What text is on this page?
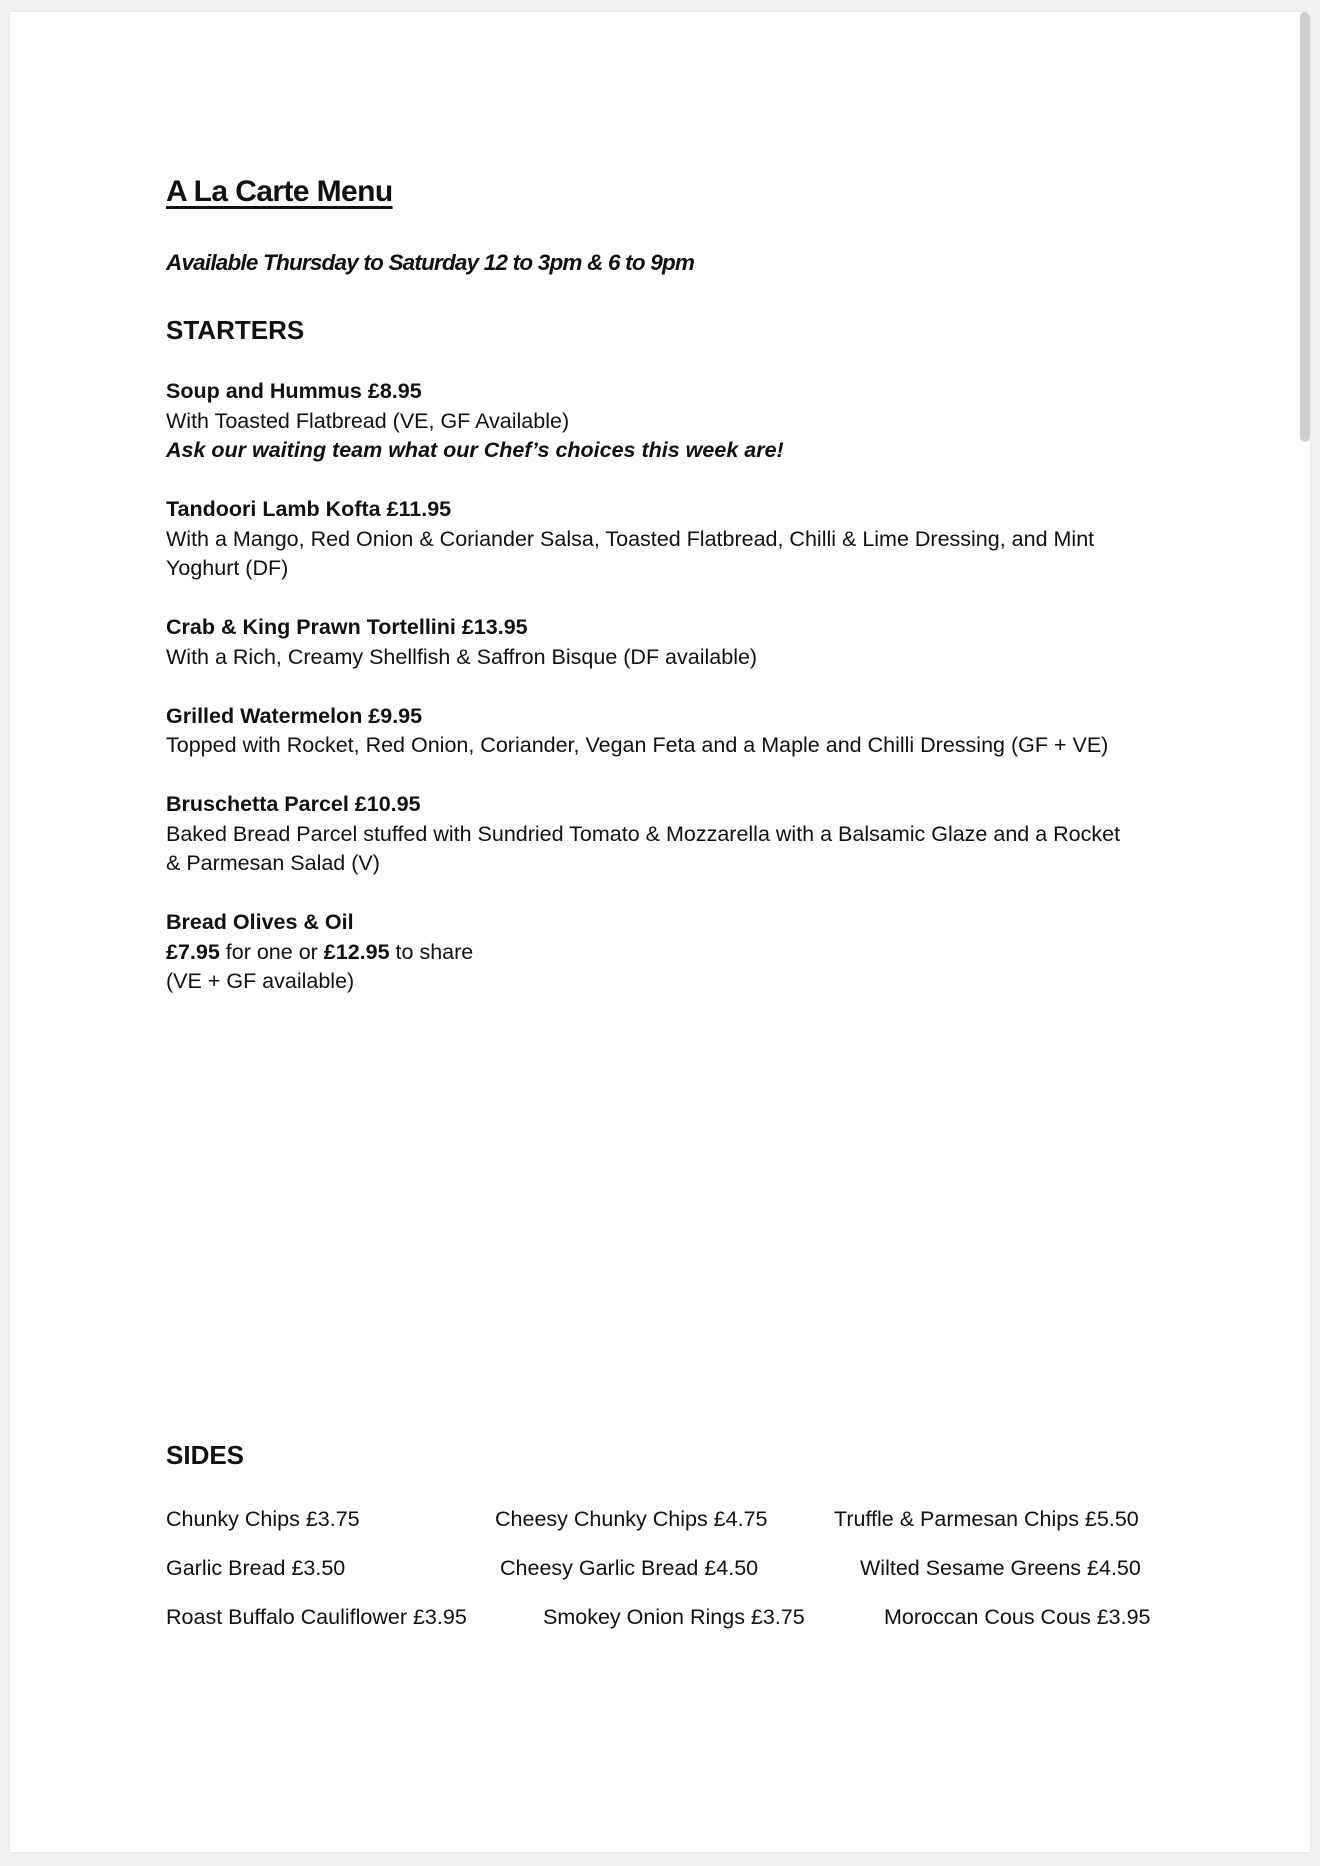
A La Carte Menu
Available Thursday to Saturday 12 to 3pm & 6 to 9pm
STARTERS
Soup and Hummus £8.95
With Toasted Flatbread (VE, GF Available)
Ask our waiting team what our Chef’s choices this week are!
Tandoori Lamb Kofta £11.95
With a Mango, Red Onion & Coriander Salsa, Toasted Flatbread, Chilli & Lime Dressing, and Mint
Yoghurt (DF)
Crab & King Prawn Tortellini £13.95
With a Rich, Creamy Shellfish & Saffron Bisque (DF available)
Grilled Watermelon £9.95
Topped with Rocket, Red Onion, Coriander, Vegan Feta and a Maple and Chilli Dressing (GF + VE)
Bruschetta Parcel £10.95
Baked Bread Parcel stuffed with Sundried Tomato & Mozzarella with a Balsamic Glaze and a Rocket
& Parmesan Salad (V)
Bread Olives & Oil
£7.95 for one or £12.95 to share
(VE + GF available)
SIDES
Chunky Chips £3.75	Cheesy Chunky Chips £4.75	Truffle & Parmesan Chips £5.50
Garlic Bread £3.50	Cheesy Garlic Bread £4.50	Wilted Sesame Greens £4.50
Roast Buffalo Cauliflower £3.95	Smokey Onion Rings £3.75	Moroccan Cous Cous £3.95
